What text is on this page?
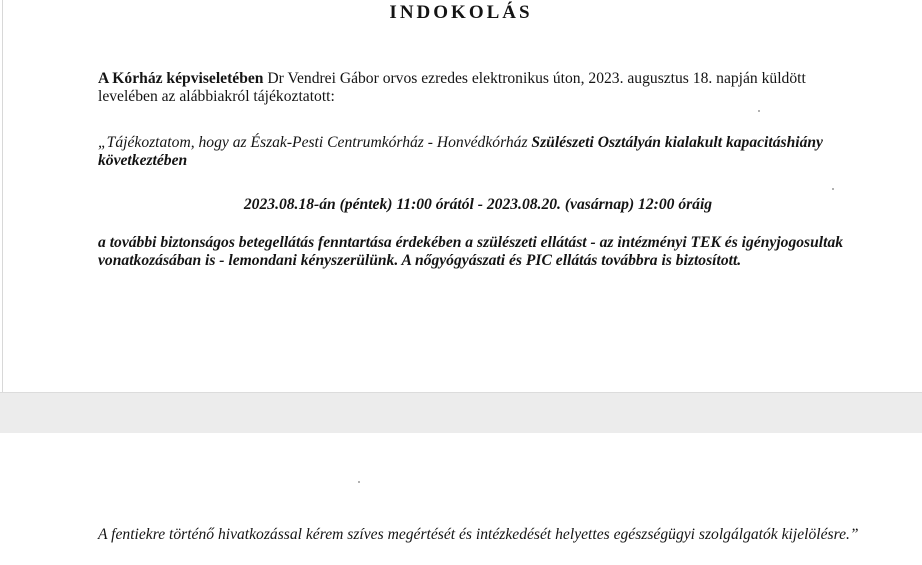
INDOKOLÁS
A Kórház képviseletében Dr Vendrei Gábor orvos ezredes elektronikus úton, 2023. augusztus 18. napján küldött levelében az alábbiakról tájékoztatott:
„Tájékoztatom, hogy az Észak-Pesti Centrumkórház - Honvédkórház Szülészeti Osztályán kialakult kapacitáshiány következtében
2023.08.18-án (péntek) 11:00 órától - 2023.08.20. (vasárnap) 12:00 óráig
a további biztonságos betegellátás fenntartása érdekében a szülészeti ellátást - az intézményi TEK és igényjogosultak vonatkozásában is - lemondani kényszerülünk. A nőgyógyászati és PIC ellátás továbbra is biztosított.
A fentiekre történő hivatkozással kérem szíves megértését és intézkedését helyettes egészségügyi szolgálgatók kijelölésre.”
